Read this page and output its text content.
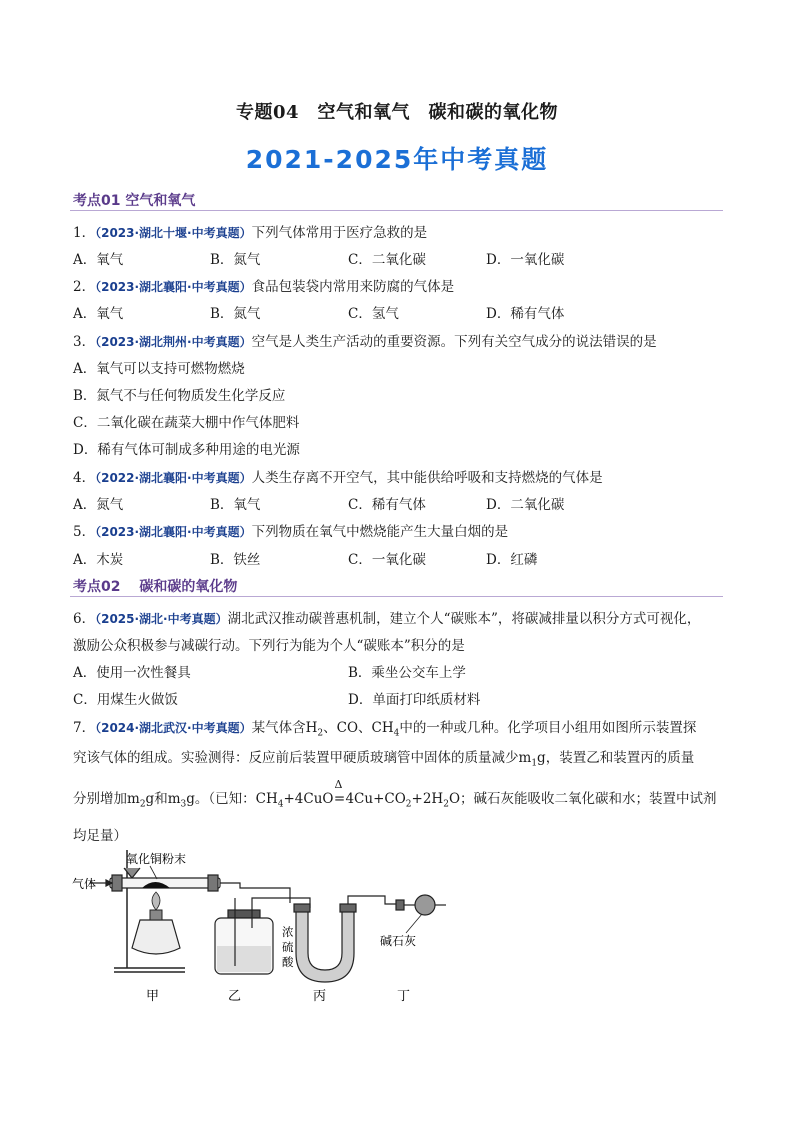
专题04　空气和氧气　碳和碳的氧化物
2021-2025年中考真题
考点01 空气和氧气
1．（2023·湖北十堰·中考真题）下列气体常用于医疗急救的是
A．氧气	B．氮气	C．二氧化碳	D．一氧化碳
2．（2023·湖北襄阳·中考真题）食品包装袋内常用来防腐的气体是
A．氧气	B．氮气	C．氢气	D．稀有气体
3．（2023·湖北荆州·中考真题）空气是人类生产活动的重要资源。下列有关空气成分的说法错误的是
A．氧气可以支持可燃物燃烧
B．氮气不与任何物质发生化学反应
C．二氧化碳在蔬菜大棚中作气体肥料
D．稀有气体可制成多种用途的电光源
4．（2022·湖北襄阳·中考真题）人类生存离不开空气，其中能供给呼吸和支持燃烧的气体是
A．氮气	B．氧气	C．稀有气体	D．二氧化碳
5．（2023·湖北襄阳·中考真题）下列物质在氧气中燃烧能产生大量白烟的是
A．木炭	B．铁丝	C．一氧化碳	D．红磷
考点02　 碳和碳的氧化物
6．（2025·湖北·中考真题）湖北武汉推动碳普惠机制，建立个人“碳账本”，将碳减排量以积分方式可视化，
激励公众积极参与减碳行动。下列行为能为个人“碳账本”积分的是
A．使用一次性餐具	B．乘坐公交车上学
C．用煤生火做饭	D．单面打印纸质材料
7．（2024·湖北武汉·中考真题）某气体含$H_2$、CO、$CH_4$中的一种或几种。化学项目小组用如图所示装置探
究该气体的组成。实验测得：反应前后装置甲硬质玻璃管中固体的质量减少$m_1g$，装置乙和装置丙的质量
分别增加$m_2g$和$m_3g$。（已知：$CH_4+4CuO$
Δ
$=4Cu+CO_2+2H_2O$；碱石灰能吸收二氧化碳和水；装置中试剂
均足量）
气体
氧化铜粉末
浓
硫
酸
碱石灰
甲	乙	丙	丁
